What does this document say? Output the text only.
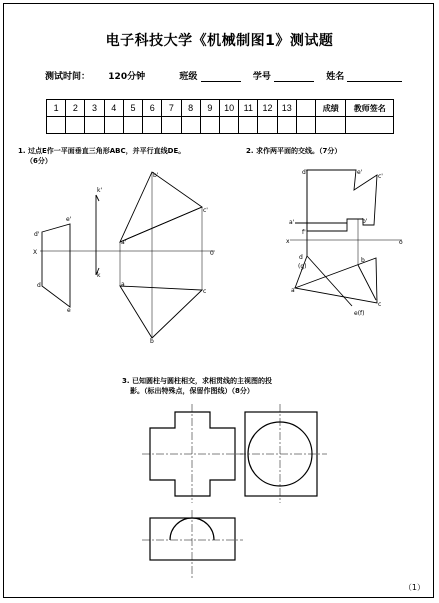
电子科技大学《机械制图1》测试题
测试时间： 120分钟	班级	学号	姓名
1	2	3	4	5	6	7	8	9	10	11	12	13		成绩	教师签名

1. 过点E作一平面垂直三角形ABC，并平行直线DE。
（6分）
2. 求作两平面的交线。（7分）
3. 已知圆柱与圆柱相交，求相贯线的主视图的投
影。（标出特殊点，保留作图线）（8分）
e'
d'
k'
b'
c'
a'
X	0
k
a
c
d
e
b
d'	e'
c'
a'	b'
f'
x	o
d
(g)
a
b
c
e(f)
（1）
